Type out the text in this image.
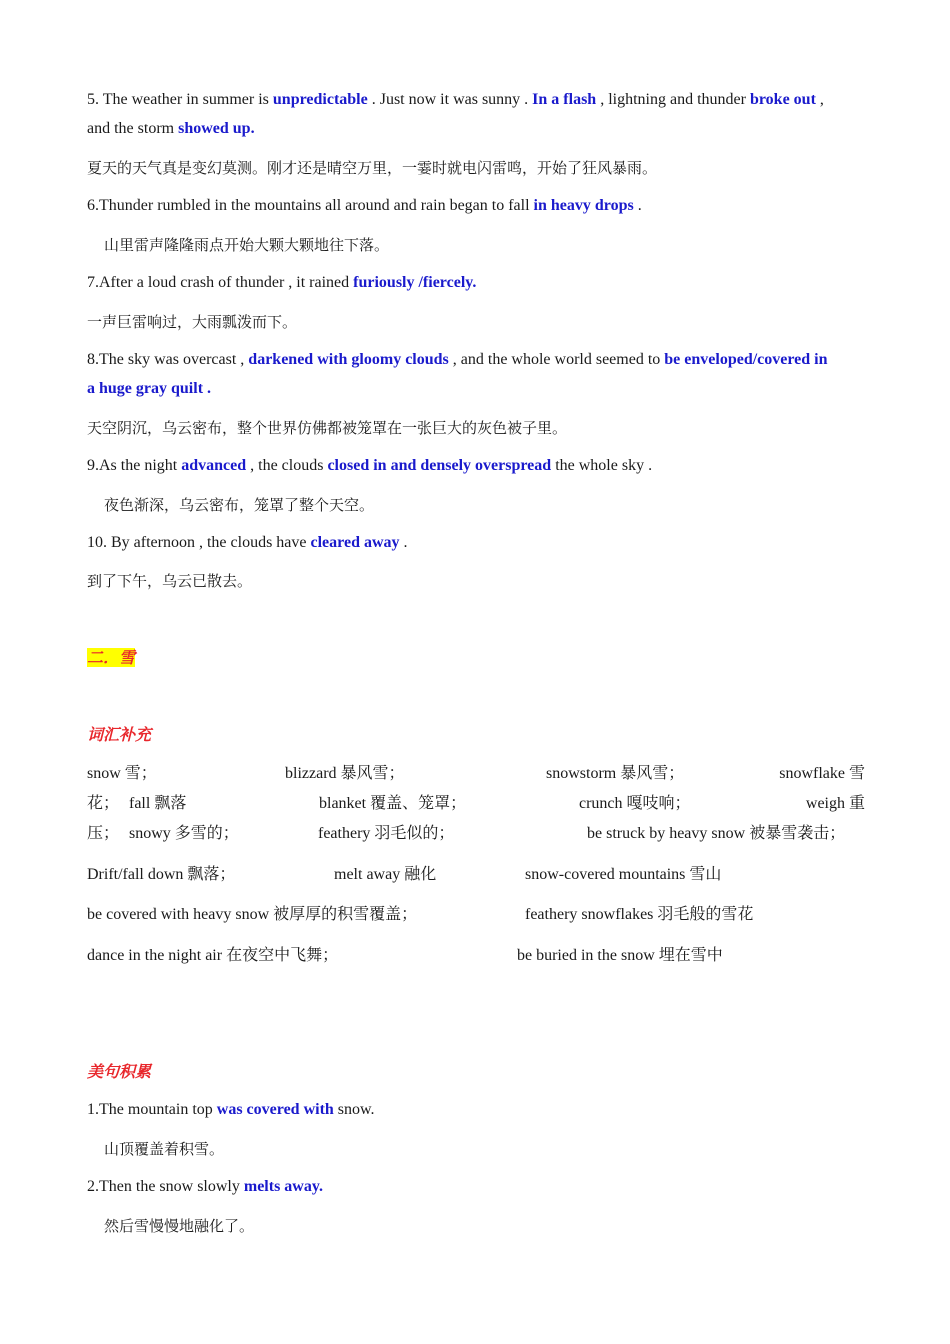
5. The weather in summer is unpredictable . Just now it was sunny . In a flash , lightning and thunder broke out ,
and the storm showed up.
夏天的天气真是变幻莫测。刚才还是晴空万里，一霎时就电闪雷鸣，开始了狂风暴雨。
6.Thunder rumbled in the mountains all around and rain began to fall in heavy drops .
山里雷声隆隆雨点开始大颗大颗地往下落。
7.After a loud crash of thunder , it rained furiously /fiercely.
一声巨雷响过，大雨瓢泼而下。
8.The sky was overcast , darkened with gloomy clouds , and the whole world seemed to be enveloped/covered in
a huge gray quilt .
天空阴沉，乌云密布，整个世界仿佛都被笼罩在一张巨大的灰色被子里。
9.As the night advanced , the clouds closed in and densely overspread the whole sky .
夜色渐深，乌云密布，笼罩了整个天空。
10. By afternoon , the clouds have cleared away .
到了下午，乌云已散去。
二．雪
词汇补充
snow 雪；	blizzard 暴风雪；	snowstorm 暴风雪；	snowflake 雪
花； fall 飘落	blanket 覆盖、笼罩；	crunch 嘎吱响；	weigh 重
压； snowy 多雪的；	feathery 羽毛似的；	be struck by heavy snow 被暴雪袭击；
Drift/fall down 飘落；	melt away 融化	snow-covered mountains 雪山
be covered with heavy snow 被厚厚的积雪覆盖；	feathery snowflakes 羽毛般的雪花
dance in the night air 在夜空中飞舞；	be buried in the snow 埋在雪中
美句积累
1.The mountain top was covered with snow.
山顶覆盖着积雪。
2.Then the snow slowly melts away.
然后雪慢慢地融化了。
